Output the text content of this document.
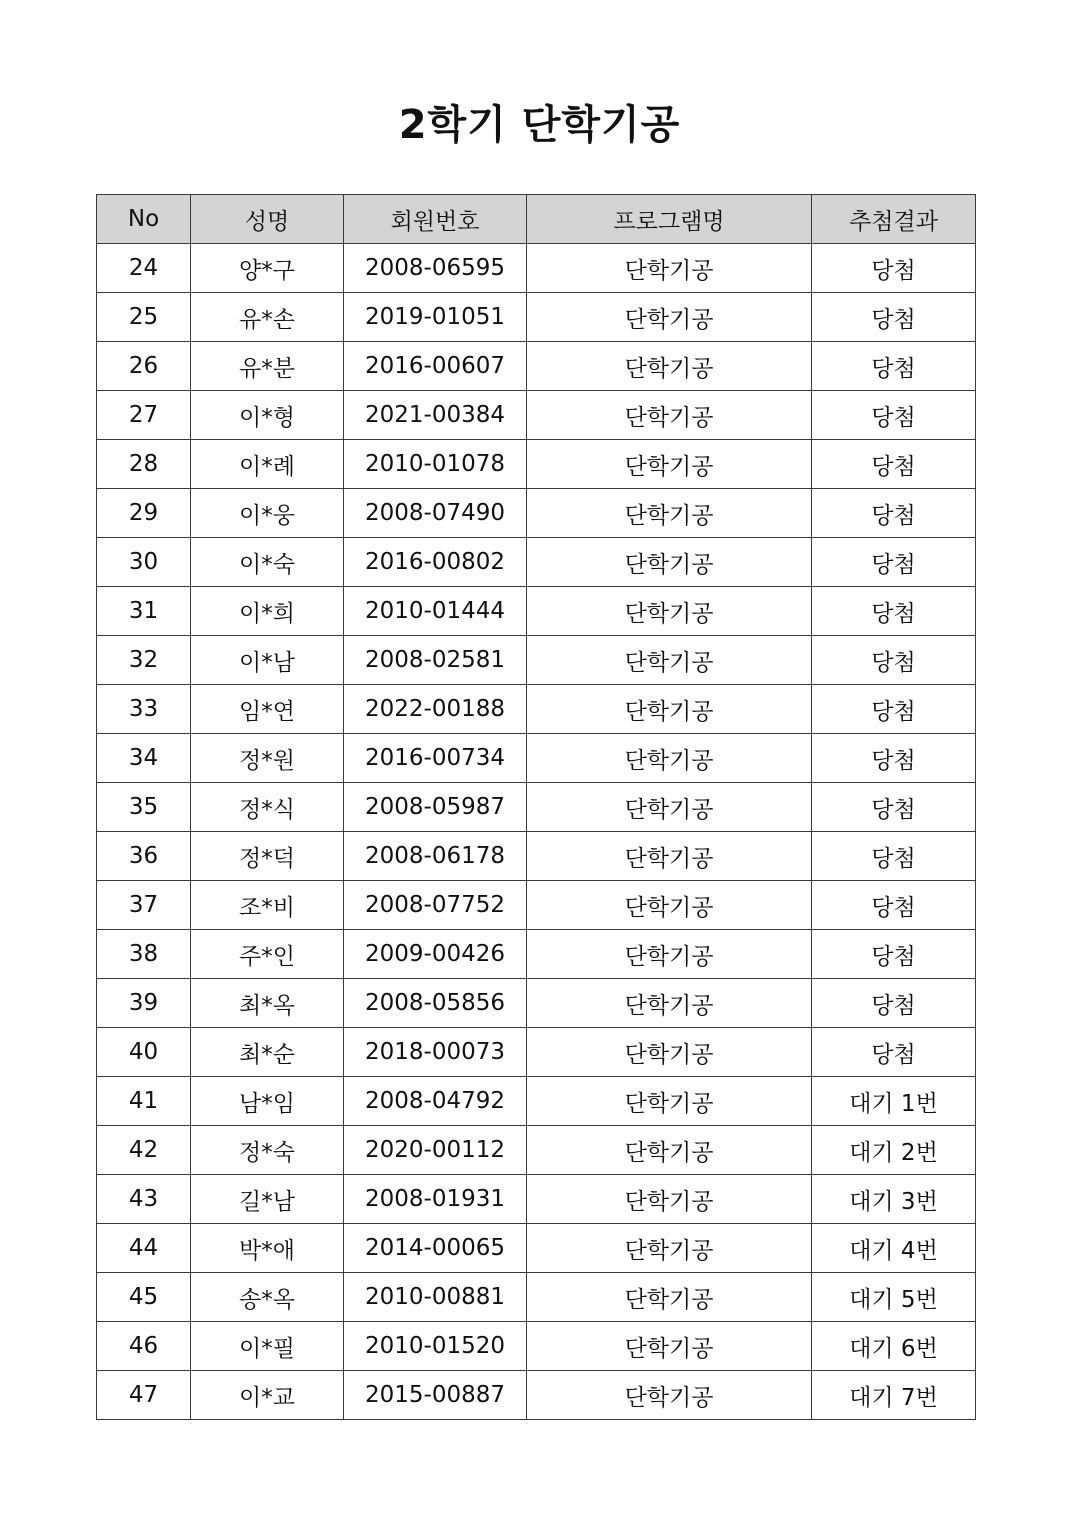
2학기 단학기공
No	성명	회원번호	프로그램명	추첨결과
24	양*구	2008-06595	단학기공	당첨
25	유*손	2019-01051	단학기공	당첨
26	유*분	2016-00607	단학기공	당첨
27	이*형	2021-00384	단학기공	당첨
28	이*례	2010-01078	단학기공	당첨
29	이*웅	2008-07490	단학기공	당첨
30	이*숙	2016-00802	단학기공	당첨
31	이*희	2010-01444	단학기공	당첨
32	이*남	2008-02581	단학기공	당첨
33	임*연	2022-00188	단학기공	당첨
34	정*원	2016-00734	단학기공	당첨
35	정*식	2008-05987	단학기공	당첨
36	정*덕	2008-06178	단학기공	당첨
37	조*비	2008-07752	단학기공	당첨
38	주*인	2009-00426	단학기공	당첨
39	최*옥	2008-05856	단학기공	당첨
40	최*순	2018-00073	단학기공	당첨
41	남*임	2008-04792	단학기공	대기 1번
42	정*숙	2020-00112	단학기공	대기 2번
43	길*남	2008-01931	단학기공	대기 3번
44	박*애	2014-00065	단학기공	대기 4번
45	송*옥	2010-00881	단학기공	대기 5번
46	이*필	2010-01520	단학기공	대기 6번
47	이*교	2015-00887	단학기공	대기 7번
